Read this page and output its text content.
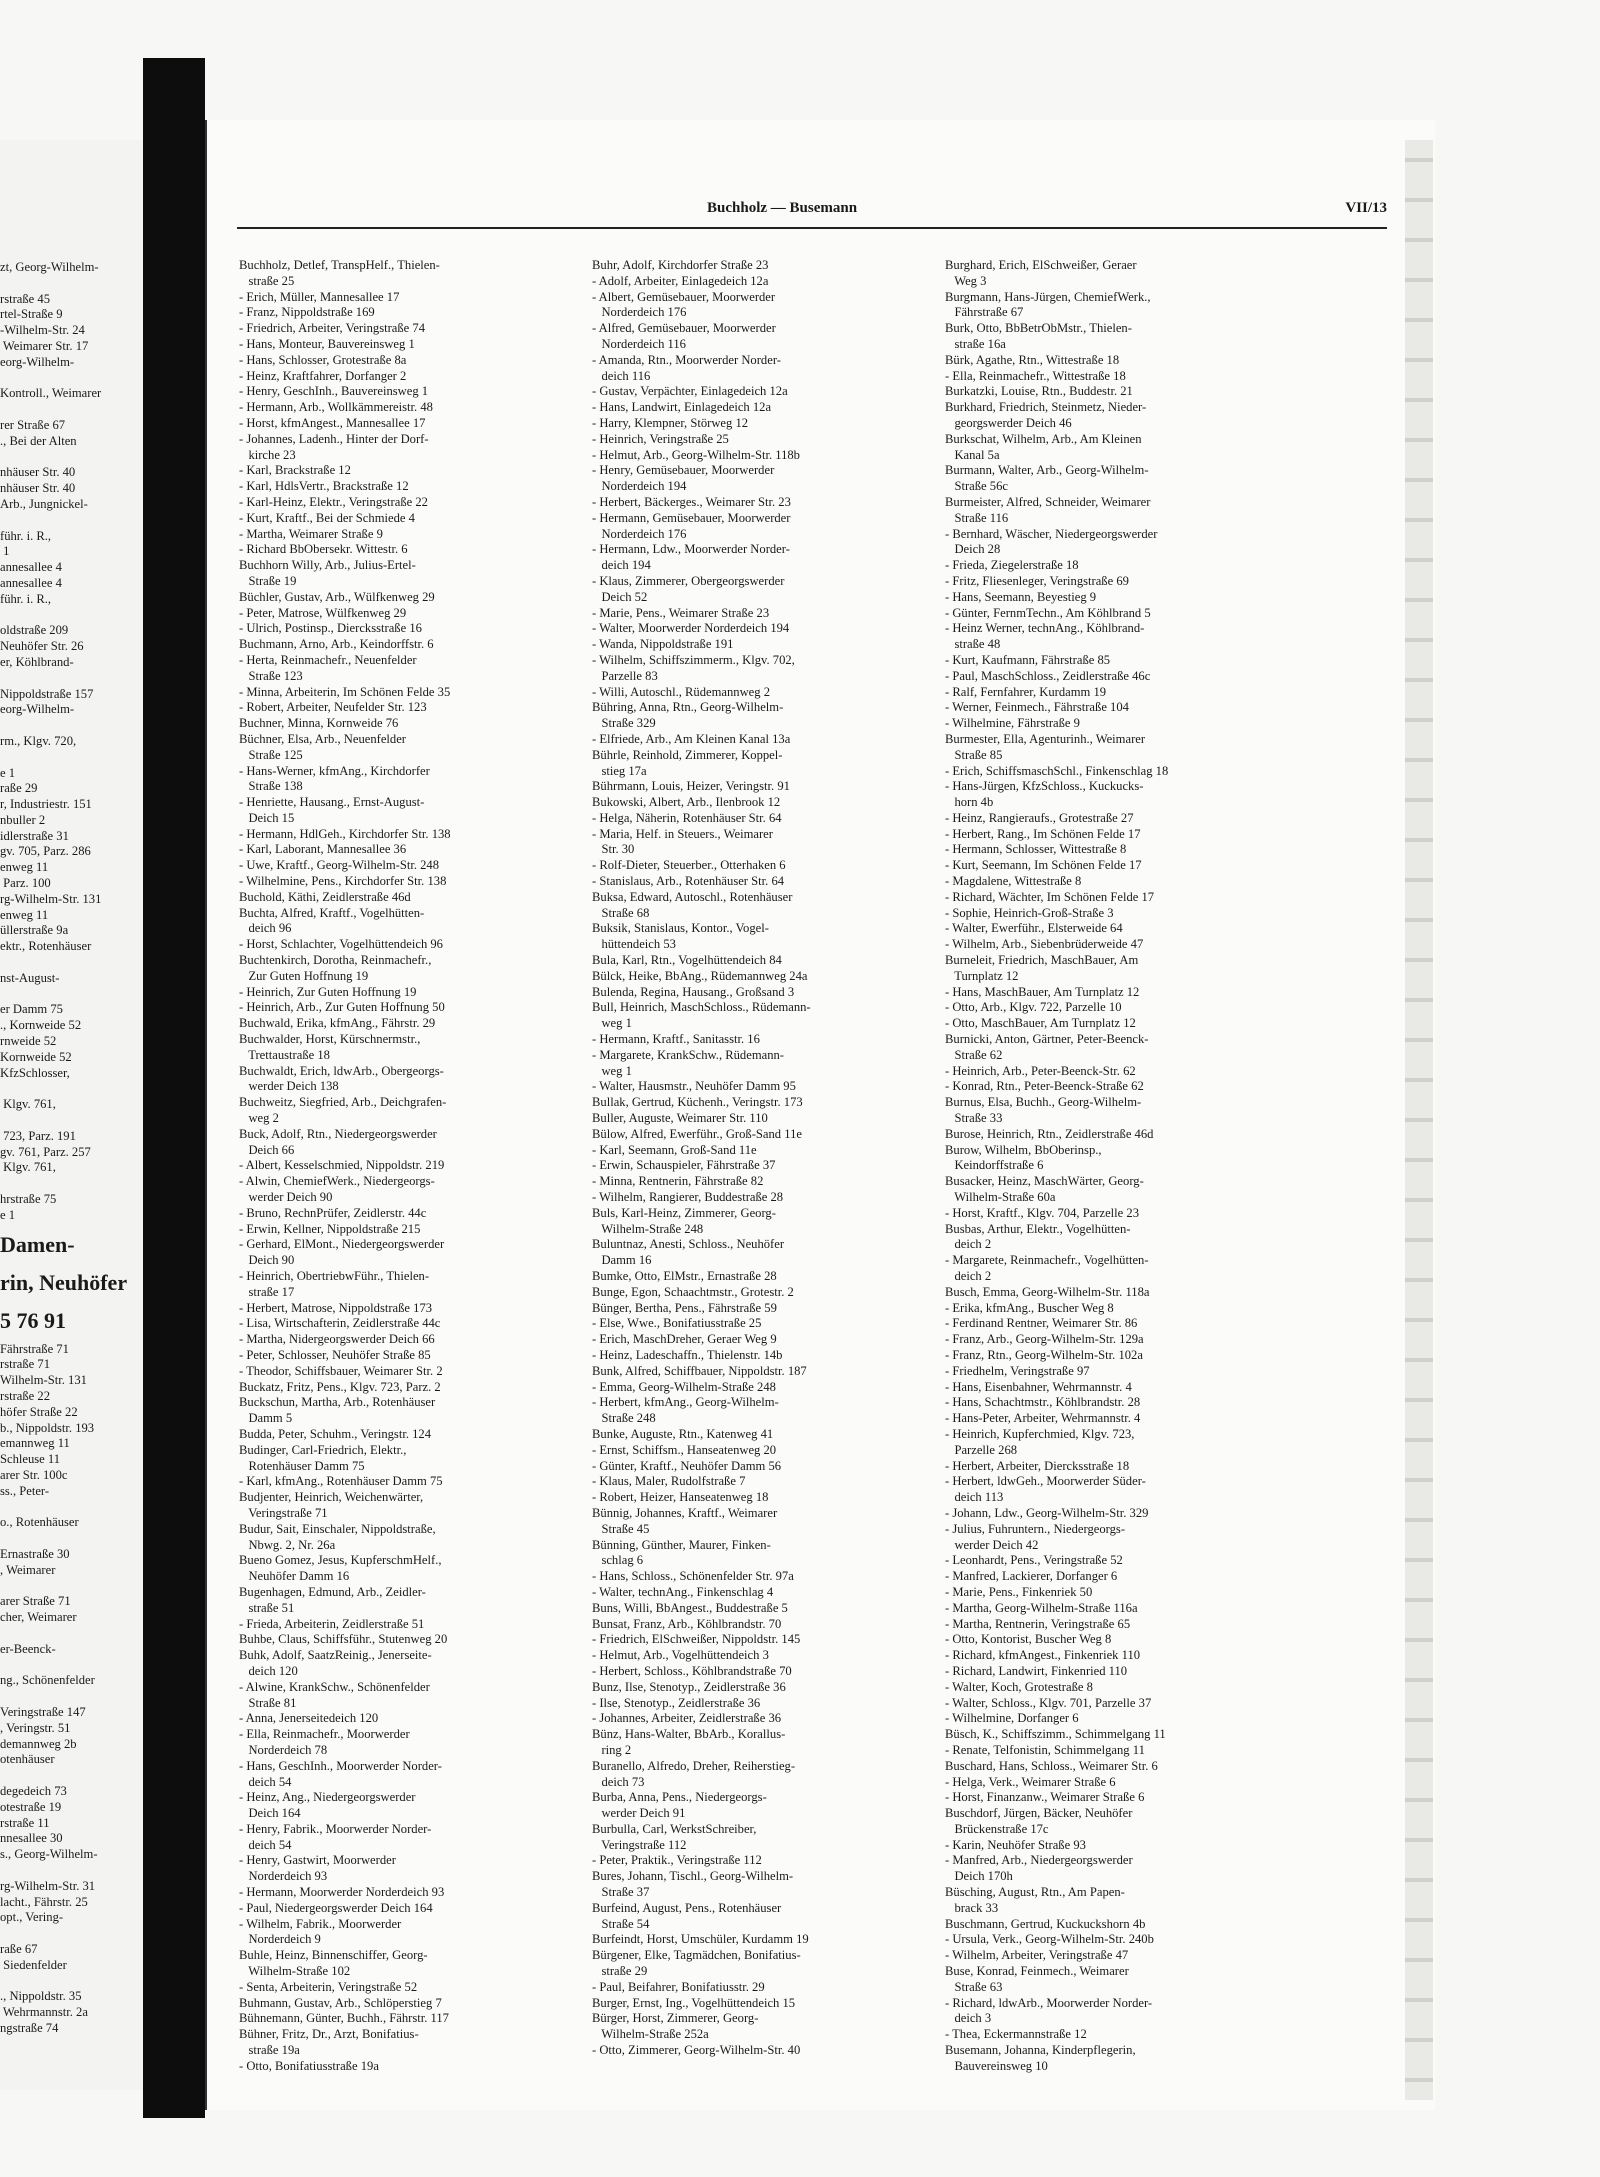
zt, Georg-Wilhelm-

rstraße 45
rtel-Straße 9
-Wilhelm-Str. 24
Weimarer Str. 17
eorg-Wilhelm-

Kontroll., Weimarer

rer Straße 67
., Bei der Alten

nhäuser Str. 40
nhäuser Str. 40
Arb., Jungnickel-

führ. i. R.,
1
annesallee 4
annesallee 4
führ. i. R.,

oldstraße 209
Neuhöfer Str. 26
er, Köhlbrand-

Nippoldstraße 157
eorg-Wilhelm-

rm., Klgv. 720,

e 1
raße 29
r, Industriestr. 151
nbuller 2
idlerstraße 31
gv. 705, Parz. 286
enweg 11
Parz. 100
rg-Wilhelm-Str. 131
enweg 11
üllerstraße 9a
ektr., Rotenhäuser

nst-August-

er Damm 75
., Kornweide 52
rnweide 52
Kornweide 52
KfzSchlosser,

Klgv. 761,

723, Parz. 191
gv. 761, Parz. 257
Klgv. 761,

hrstraße 75
e 1
Damen-
rin, Neuhöfer
5 76 91
Fährstraße 71
rstraße 71
Wilhelm-Str. 131
rstraße 22
höfer Straße 22
b., Nippoldstr. 193
emannweg 11
Schleuse 11
arer Str. 100c
ss., Peter-

o., Rotenhäuser

Ernastraße 30
, Weimarer

arer Straße 71
cher, Weimarer

er-Beenck-

ng., Schönenfelder

Veringstraße 147
, Veringstr. 51
demannweg 2b
otenhäuser

degedeich 73
otestraße 19
rstraße 11
nnesallee 30
s., Georg-Wilhelm-

rg-Wilhelm-Str. 31
lacht., Fährstr. 25
opt., Vering-

raße 67
Siedenfelder

., Nippoldstr. 35
Wehrmannstr. 2a
ngstraße 74
Buchholz — Busemann	VII/13
Buchholz, Detlef, TranspHelf., Thielen-
straße 25
- Erich, Müller, Mannesallee 17
- Franz, Nippoldstraße 169
- Friedrich, Arbeiter, Veringstraße 74
- Hans, Monteur, Bauvereinsweg 1
- Hans, Schlosser, Grotestraße 8a
- Heinz, Kraftfahrer, Dorfanger 2
- Henry, GeschInh., Bauvereinsweg 1
- Hermann, Arb., Wollkämmereistr. 48
- Horst, kfmAngest., Mannesallee 17
- Johannes, Ladenh., Hinter der Dorf-
kirche 23
- Karl, Brackstraße 12
- Karl, HdlsVertr., Brackstraße 12
- Karl-Heinz, Elektr., Veringstraße 22
- Kurt, Kraftf., Bei der Schmiede 4
- Martha, Weimarer Straße 9
- Richard BbObersekr. Wittestr. 6
Buchhorn Willy, Arb., Julius-Ertel-
Straße 19
Büchler, Gustav, Arb., Wülfkenweg 29
- Peter, Matrose, Wülfkenweg 29
- Ulrich, Postinsp., Diercksstraße 16
Buchmann, Arno, Arb., Keindorffstr. 6
- Herta, Reinmachefr., Neuenfelder
Straße 123
- Minna, Arbeiterin, Im Schönen Felde 35
- Robert, Arbeiter, Neufelder Str. 123
Buchner, Minna, Kornweide 76
Büchner, Elsa, Arb., Neuenfelder
Straße 125
- Hans-Werner, kfmAng., Kirchdorfer
Straße 138
- Henriette, Hausang., Ernst-August-
Deich 15
- Hermann, HdlGeh., Kirchdorfer Str. 138
- Karl, Laborant, Mannesallee 36
- Uwe, Kraftf., Georg-Wilhelm-Str. 248
- Wilhelmine, Pens., Kirchdorfer Str. 138
Buchold, Käthi, Zeidlerstraße 46d
Buchta, Alfred, Kraftf., Vogelhütten-
deich 96
- Horst, Schlachter, Vogelhüttendeich 96
Buchtenkirch, Dorotha, Reinmachefr.,
Zur Guten Hoffnung 19
- Heinrich, Zur Guten Hoffnung 19
- Heinrich, Arb., Zur Guten Hoffnung 50
Buchwald, Erika, kfmAng., Fährstr. 29
Buchwalder, Horst, Kürschnermstr.,
Trettaustraße 18
Buchwaldt, Erich, ldwArb., Obergeorgs-
werder Deich 138
Buchweitz, Siegfried, Arb., Deichgrafen-
weg 2
Buck, Adolf, Rtn., Niedergeorgswerder
Deich 66
- Albert, Kesselschmied, Nippoldstr. 219
- Alwin, ChemiefWerk., Niedergeorgs-
werder Deich 90
- Bruno, RechnPrüfer, Zeidlerstr. 44c
- Erwin, Kellner, Nippoldstraße 215
- Gerhard, ElMont., Niedergeorgswerder
Deich 90
- Heinrich, ObertriebwFühr., Thielen-
straße 17
- Herbert, Matrose, Nippoldstraße 173
- Lisa, Wirtschafterin, Zeidlerstraße 44c
- Martha, Nidergeorgswerder Deich 66
- Peter, Schlosser, Neuhöfer Straße 85
- Theodor, Schiffsbauer, Weimarer Str. 2
Buckatz, Fritz, Pens., Klgv. 723, Parz. 2
Buckschun, Martha, Arb., Rotenhäuser
Damm 5
Budda, Peter, Schuhm., Veringstr. 124
Budinger, Carl-Friedrich, Elektr.,
Rotenhäuser Damm 75
- Karl, kfmAng., Rotenhäuser Damm 75
Budjenter, Heinrich, Weichenwärter,
Veringstraße 71
Budur, Sait, Einschaler, Nippoldstraße,
Nbwg. 2, Nr. 26a
Bueno Gomez, Jesus, KupferschmHelf.,
Neuhöfer Damm 16
Bugenhagen, Edmund, Arb., Zeidler-
straße 51
- Frieda, Arbeiterin, Zeidlerstraße 51
Buhbe, Claus, Schiffsführ., Stutenweg 20
Buhk, Adolf, SaatzReinig., Jenerseite-
deich 120
- Alwine, KrankSchw., Schönenfelder
Straße 81
- Anna, Jenerseitedeich 120
- Ella, Reinmachefr., Moorwerder
Norderdeich 78
- Hans, GeschInh., Moorwerder Norder-
deich 54
- Heinz, Ang., Niedergeorgswerder
Deich 164
- Henry, Fabrik., Moorwerder Norder-
deich 54
- Henry, Gastwirt, Moorwerder
Norderdeich 93
- Hermann, Moorwerder Norderdeich 93
- Paul, Niedergeorgswerder Deich 164
- Wilhelm, Fabrik., Moorwerder
Norderdeich 9
Buhle, Heinz, Binnenschiffer, Georg-
Wilhelm-Straße 102
- Senta, Arbeiterin, Veringstraße 52
Buhmann, Gustav, Arb., Schlöperstieg 7
Bühnemann, Günter, Buchh., Fährstr. 117
Bühner, Fritz, Dr., Arzt, Bonifatius-
straße 19a
- Otto, Bonifatiusstraße 19a
Buhr, Adolf, Kirchdorfer Straße 23
- Adolf, Arbeiter, Einlagedeich 12a
- Albert, Gemüsebauer, Moorwerder
Norderdeich 176
- Alfred, Gemüsebauer, Moorwerder
Norderdeich 116
- Amanda, Rtn., Moorwerder Norder-
deich 116
- Gustav, Verpächter, Einlagedeich 12a
- Hans, Landwirt, Einlagedeich 12a
- Harry, Klempner, Störweg 12
- Heinrich, Veringstraße 25
- Helmut, Arb., Georg-Wilhelm-Str. 118b
- Henry, Gemüsebauer, Moorwerder
Norderdeich 194
- Herbert, Bäckerges., Weimarer Str. 23
- Hermann, Gemüsebauer, Moorwerder
Norderdeich 176
- Hermann, Ldw., Moorwerder Norder-
deich 194
- Klaus, Zimmerer, Obergeorgswerder
Deich 52
- Marie, Pens., Weimarer Straße 23
- Walter, Moorwerder Norderdeich 194
- Wanda, Nippoldstraße 191
- Wilhelm, Schiffszimmerm., Klgv. 702,
Parzelle 83
- Willi, Autoschl., Rüdemannweg 2
Bühring, Anna, Rtn., Georg-Wilhelm-
Straße 329
- Elfriede, Arb., Am Kleinen Kanal 13a
Bührle, Reinhold, Zimmerer, Koppel-
stieg 17a
Bührmann, Louis, Heizer, Veringstr. 91
Bukowski, Albert, Arb., Ilenbrook 12
- Helga, Näherin, Rotenhäuser Str. 64
- Maria, Helf. in Steuers., Weimarer
Str. 30
- Rolf-Dieter, Steuerber., Otterhaken 6
- Stanislaus, Arb., Rotenhäuser Str. 64
Buksa, Edward, Autoschl., Rotenhäuser
Straße 68
Buksik, Stanislaus, Kontor., Vogel-
hüttendeich 53
Bula, Karl, Rtn., Vogelhüttendeich 84
Bülck, Heike, BbAng., Rüdemannweg 24a
Bulenda, Regina, Hausang., Großsand 3
Bull, Heinrich, MaschSchloss., Rüdemann-
weg 1
- Hermann, Kraftf., Sanitasstr. 16
- Margarete, KrankSchw., Rüdemann-
weg 1
- Walter, Hausmstr., Neuhöfer Damm 95
Bullak, Gertrud, Küchenh., Veringstr. 173
Buller, Auguste, Weimarer Str. 110
Bülow, Alfred, Ewerführ., Groß-Sand 11e
- Karl, Seemann, Groß-Sand 11e
- Erwin, Schauspieler, Fährstraße 37
- Minna, Rentnerin, Fährstraße 82
- Wilhelm, Rangierer, Buddestraße 28
Buls, Karl-Heinz, Zimmerer, Georg-
Wilhelm-Straße 248
Buluntnaz, Anesti, Schloss., Neuhöfer
Damm 16
Bumke, Otto, ElMstr., Ernastraße 28
Bunge, Egon, Schaachtmstr., Grotestr. 2
Bünger, Bertha, Pens., Fährstraße 59
- Else, Wwe., Bonifatiusstraße 25
- Erich, MaschDreher, Geraer Weg 9
- Heinz, Ladeschaffn., Thielenstr. 14b
Bunk, Alfred, Schiffbauer, Nippoldstr. 187
- Emma, Georg-Wilhelm-Straße 248
- Herbert, kfmAng., Georg-Wilhelm-
Straße 248
Bunke, Auguste, Rtn., Katenweg 41
- Ernst, Schiffsm., Hanseatenweg 20
- Günter, Kraftf., Neuhöfer Damm 56
- Klaus, Maler, Rudolfstraße 7
- Robert, Heizer, Hanseatenweg 18
Bünnig, Johannes, Kraftf., Weimarer
Straße 45
Bünning, Günther, Maurer, Finken-
schlag 6
- Hans, Schloss., Schönenfelder Str. 97a
- Walter, technAng., Finkenschlag 4
Buns, Willi, BbAngest., Buddestraße 5
Bunsat, Franz, Arb., Köhlbrandstr. 70
- Friedrich, ElSchweißer, Nippoldstr. 145
- Helmut, Arb., Vogelhüttendeich 3
- Herbert, Schloss., Köhlbrandstraße 70
Bunz, Ilse, Stenotyp., Zeidlerstraße 36
- Ilse, Stenotyp., Zeidlerstraße 36
- Johannes, Arbeiter, Zeidlerstraße 36
Bünz, Hans-Walter, BbArb., Korallus-
ring 2
Buranello, Alfredo, Dreher, Reiherstieg-
deich 73
Burba, Anna, Pens., Niedergeorgs-
werder Deich 91
Burbulla, Carl, WerkstSchreiber,
Veringstraße 112
- Peter, Praktik., Veringstraße 112
Bures, Johann, Tischl., Georg-Wilhelm-
Straße 37
Burfeind, August, Pens., Rotenhäuser
Straße 54
Burfeindt, Horst, Umschüler, Kurdamm 19
Bürgener, Elke, Tagmädchen, Bonifatius-
straße 29
- Paul, Beifahrer, Bonifatiusstr. 29
Burger, Ernst, Ing., Vogelhüttendeich 15
Bürger, Horst, Zimmerer, Georg-
Wilhelm-Straße 252a
- Otto, Zimmerer, Georg-Wilhelm-Str. 40
Burghard, Erich, ElSchweißer, Geraer
Weg 3
Burgmann, Hans-Jürgen, ChemiefWerk.,
Fährstraße 67
Burk, Otto, BbBetrObMstr., Thielen-
straße 16a
Bürk, Agathe, Rtn., Wittestraße 18
- Ella, Reinmachefr., Wittestraße 18
Burkatzki, Louise, Rtn., Buddestr. 21
Burkhard, Friedrich, Steinmetz, Nieder-
georgswerder Deich 46
Burkschat, Wilhelm, Arb., Am Kleinen
Kanal 5a
Burmann, Walter, Arb., Georg-Wilhelm-
Straße 56c
Burmeister, Alfred, Schneider, Weimarer
Straße 116
- Bernhard, Wäscher, Niedergeorgswerder
Deich 28
- Frieda, Ziegelerstraße 18
- Fritz, Fliesenleger, Veringstraße 69
- Hans, Seemann, Beyestieg 9
- Günter, FernmTechn., Am Köhlbrand 5
- Heinz Werner, technAng., Köhlbrand-
straße 48
- Kurt, Kaufmann, Fährstraße 85
- Paul, MaschSchloss., Zeidlerstraße 46c
- Ralf, Fernfahrer, Kurdamm 19
- Werner, Feinmech., Fährstraße 104
- Wilhelmine, Fährstraße 9
Burmester, Ella, Agenturinh., Weimarer
Straße 85
- Erich, SchiffsmaschSchl., Finkenschlag 18
- Hans-Jürgen, KfzSchloss., Kuckucks-
horn 4b
- Heinz, Rangieraufs., Grotestraße 27
- Herbert, Rang., Im Schönen Felde 17
- Hermann, Schlosser, Wittestraße 8
- Kurt, Seemann, Im Schönen Felde 17
- Magdalene, Wittestraße 8
- Richard, Wächter, Im Schönen Felde 17
- Sophie, Heinrich-Groß-Straße 3
- Walter, Ewerführ., Elsterweide 64
- Wilhelm, Arb., Siebenbrüderweide 47
Burneleit, Friedrich, MaschBauer, Am
Turnplatz 12
- Hans, MaschBauer, Am Turnplatz 12
- Otto, Arb., Klgv. 722, Parzelle 10
- Otto, MaschBauer, Am Turnplatz 12
Burnicki, Anton, Gärtner, Peter-Beenck-
Straße 62
- Heinrich, Arb., Peter-Beenck-Str. 62
- Konrad, Rtn., Peter-Beenck-Straße 62
Burnus, Elsa, Buchh., Georg-Wilhelm-
Straße 33
Burose, Heinrich, Rtn., Zeidlerstraße 46d
Burow, Wilhelm, BbOberinsp.,
Keindorffstraße 6
Busacker, Heinz, MaschWärter, Georg-
Wilhelm-Straße 60a
- Horst, Kraftf., Klgv. 704, Parzelle 23
Busbas, Arthur, Elektr., Vogelhütten-
deich 2
- Margarete, Reinmachefr., Vogelhütten-
deich 2
Busch, Emma, Georg-Wilhelm-Str. 118a
- Erika, kfmAng., Buscher Weg 8
- Ferdinand Rentner, Weimarer Str. 86
- Franz, Arb., Georg-Wilhelm-Str. 129a
- Franz, Rtn., Georg-Wilhelm-Str. 102a
- Friedhelm, Veringstraße 97
- Hans, Eisenbahner, Wehrmannstr. 4
- Hans, Schachtmstr., Köhlbrandstr. 28
- Hans-Peter, Arbeiter, Wehrmannstr. 4
- Heinrich, Kupferchmied, Klgv. 723,
Parzelle 268
- Herbert, Arbeiter, Diercksstraße 18
- Herbert, ldwGeh., Moorwerder Süder-
deich 113
- Johann, Ldw., Georg-Wilhelm-Str. 329
- Julius, Fuhruntern., Niedergeorgs-
werder Deich 42
- Leonhardt, Pens., Veringstraße 52
- Manfred, Lackierer, Dorfanger 6
- Marie, Pens., Finkenriek 50
- Martha, Georg-Wilhelm-Straße 116a
- Martha, Rentnerin, Veringstraße 65
- Otto, Kontorist, Buscher Weg 8
- Richard, kfmAngest., Finkenriek 110
- Richard, Landwirt, Finkenried 110
- Walter, Koch, Grotestraße 8
- Walter, Schloss., Klgv. 701, Parzelle 37
- Wilhelmine, Dorfanger 6
Büsch, K., Schiffszimm., Schimmelgang 11
- Renate, Telfonistin, Schimmelgang 11
Buschard, Hans, Schloss., Weimarer Str. 6
- Helga, Verk., Weimarer Straße 6
- Horst, Finanzanw., Weimarer Straße 6
Buschdorf, Jürgen, Bäcker, Neuhöfer
Brückenstraße 17c
- Karin, Neuhöfer Straße 93
- Manfred, Arb., Niedergeorgswerder
Deich 170h
Büsching, August, Rtn., Am Papen-
brack 33
Buschmann, Gertrud, Kuckuckshorn 4b
- Ursula, Verk., Georg-Wilhelm-Str. 240b
- Wilhelm, Arbeiter, Veringstraße 47
Buse, Konrad, Feinmech., Weimarer
Straße 63
- Richard, ldwArb., Moorwerder Norder-
deich 3
- Thea, Eckermannstraße 12
Busemann, Johanna, Kinderpflegerin,
Bauvereinsweg 10
